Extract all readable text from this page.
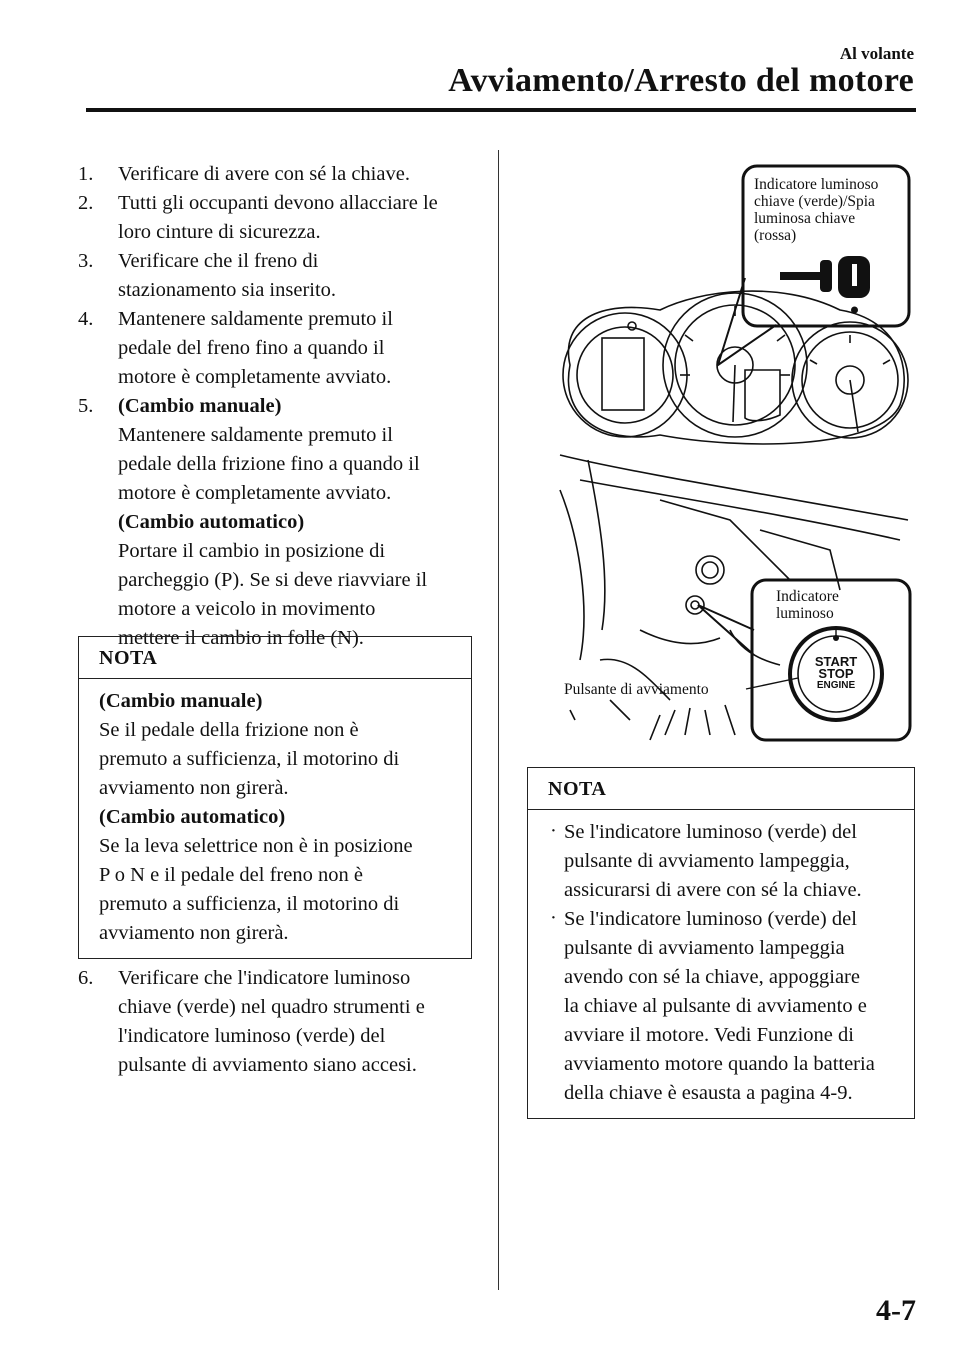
Al volante
Avviamento/Arresto del motore
1. Verificare di avere con sé la chiave.
2. Tutti gli occupanti devono allacciare le
loro cinture di sicurezza.
3. Verificare che il freno di
stazionamento sia inserito.
4. Mantenere saldamente premuto il
pedale del freno fino a quando il
motore è completamente avviato.
5. (Cambio manuale)
Mantenere saldamente premuto il
pedale della frizione fino a quando il
motore è completamente avviato.
(Cambio automatico)
Portare il cambio in posizione di
parcheggio (P). Se si deve riavviare il
motore a veicolo in movimento
mettere il cambio in folle (N).
NOTA
(Cambio manuale)
Se il pedale della frizione non è
premuto a sufficienza, il motorino di
avviamento non girerà.
(Cambio automatico)
Se la leva selettrice non è in posizione
P o N e il pedale del freno non è
premuto a sufficienza, il motorino di
avviamento non girerà.
6. Verificare che l'indicatore luminoso
chiave (verde) nel quadro strumenti e
l'indicatore luminoso (verde) del
pulsante di avviamento siano accesi.
Indicatore luminoso
chiave (verde)/Spia
luminosa chiave
(rossa)
Indicatore
luminoso
Pulsante di avviamento
START
STOP
ENGINE
NOTA
· Se l'indicatore luminoso (verde) del
pulsante di avviamento lampeggia,
assicurarsi di avere con sé la chiave.
· Se l'indicatore luminoso (verde) del
pulsante di avviamento lampeggia
avendo con sé la chiave, appoggiare
la chiave al pulsante di avviamento e
avviare il motore. Vedi Funzione di
avviamento motore quando la batteria
della chiave è esausta a pagina 4-9.
4-7
